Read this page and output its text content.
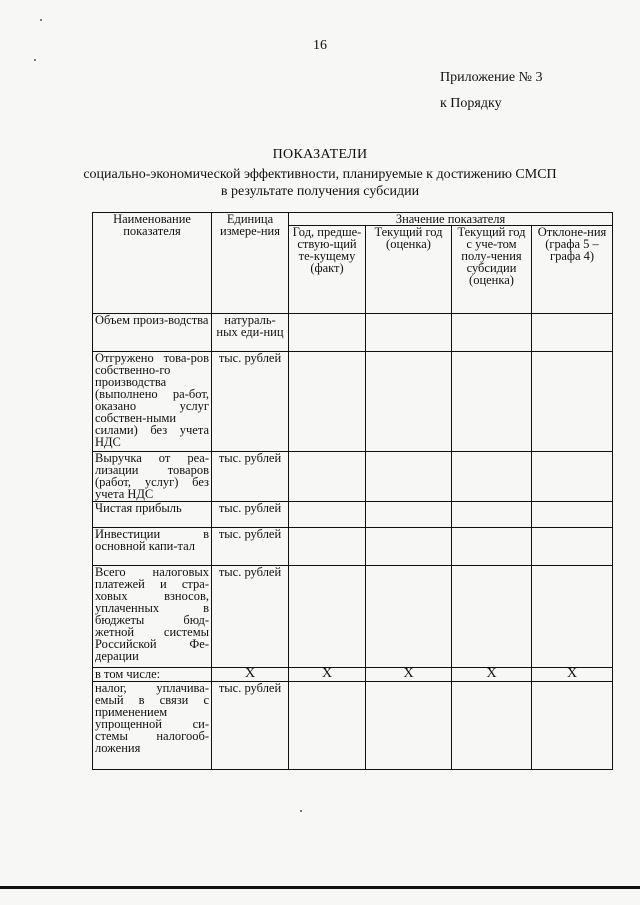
16
Приложение № 3
к Порядку
ПОКАЗАТЕЛИ
социально-экономической эффективности, планируемые к достижению СМСП
в результате получения субсидии
Наименование показателя	Единица измере-ния	Значение показателя			
		Год, предше-ствую-щий те-кущему (факт)	Текущий год (оценка)	Текущий год с уче-том полу-чения субсидии (оценка)	Отклоне-ния (графа 5 – графа 4)
Объем произ-водства	натураль-ных еди-ниц				
Отгружено това-ров собственно-го производства (выполнено ра-бот, оказано услуг собствен-ными силами) без учета НДС	тыс. рублей				
Выручка от реа-лизации товаров (работ, услуг) без учета НДС	тыс. рублей				
Чистая прибыль	тыс. рублей				
Инвестиции в основной капи-тал	тыс. рублей				
Всего налоговых платежей и стра-ховых взносов, уплаченных в бюджеты бюд-жетной системы Российской Фе-дерации	тыс. рублей				
в том числе:	Х	Х	Х	Х	Х
налог, уплачива-емый в связи с применением упрощенной си-стемы налогооб-ложения	тыс. рублей				
